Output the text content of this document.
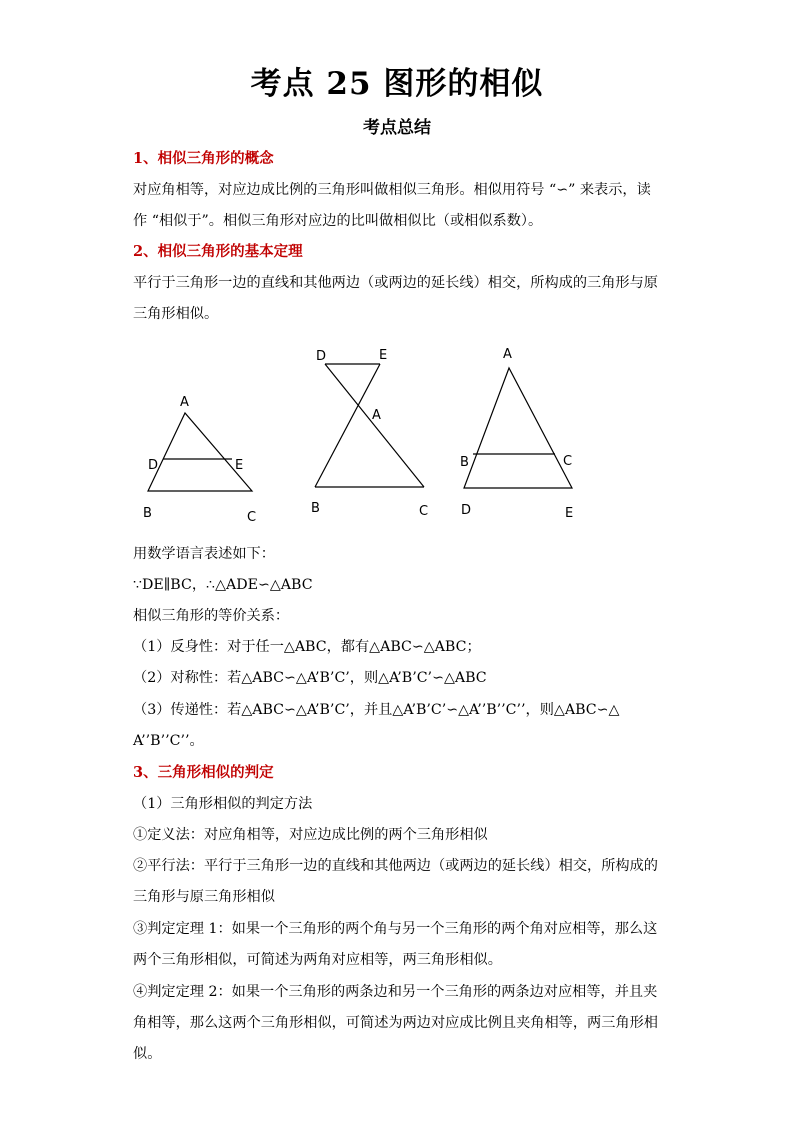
考点 25 图形的相似
考点总结
1、相似三角形的概念
对应角相等，对应边成比例的三角形叫做相似三角形。相似用符号 “∽” 来表示，读
作 “相似于”。相似三角形对应边的比叫做相似比（或相似系数）。
2、相似三角形的基本定理
平行于三角形一边的直线和其他两边（或两边的延长线）相交，所构成的三角形与原
三角形相似。
A
D	E
B	C
D	E
A
B	C
A
B	C
D	E
用数学语言表述如下：
∵DE∥BC，∴△ADE∽△ABC
相似三角形的等价关系：
（1）反身性：对于任一△ABC，都有△ABC∽△ABC；
（2）对称性：若△ABC∽△A’B’C’，则△A’B’C’∽△ABC
（3）传递性：若△ABC∽△A’B’C’，并且△A’B’C’∽△A’’B’’C’’，则△ABC∽△
A’’B’’C’’。
3、三角形相似的判定
（1）三角形相似的判定方法
①定义法：对应角相等，对应边成比例的两个三角形相似
②平行法：平行于三角形一边的直线和其他两边（或两边的延长线）相交，所构成的
三角形与原三角形相似
③判定定理 1：如果一个三角形的两个角与另一个三角形的两个角对应相等，那么这
两个三角形相似，可简述为两角对应相等，两三角形相似。
④判定定理 2：如果一个三角形的两条边和另一个三角形的两条边对应相等，并且夹
角相等，那么这两个三角形相似，可简述为两边对应成比例且夹角相等，两三角形相
似。
